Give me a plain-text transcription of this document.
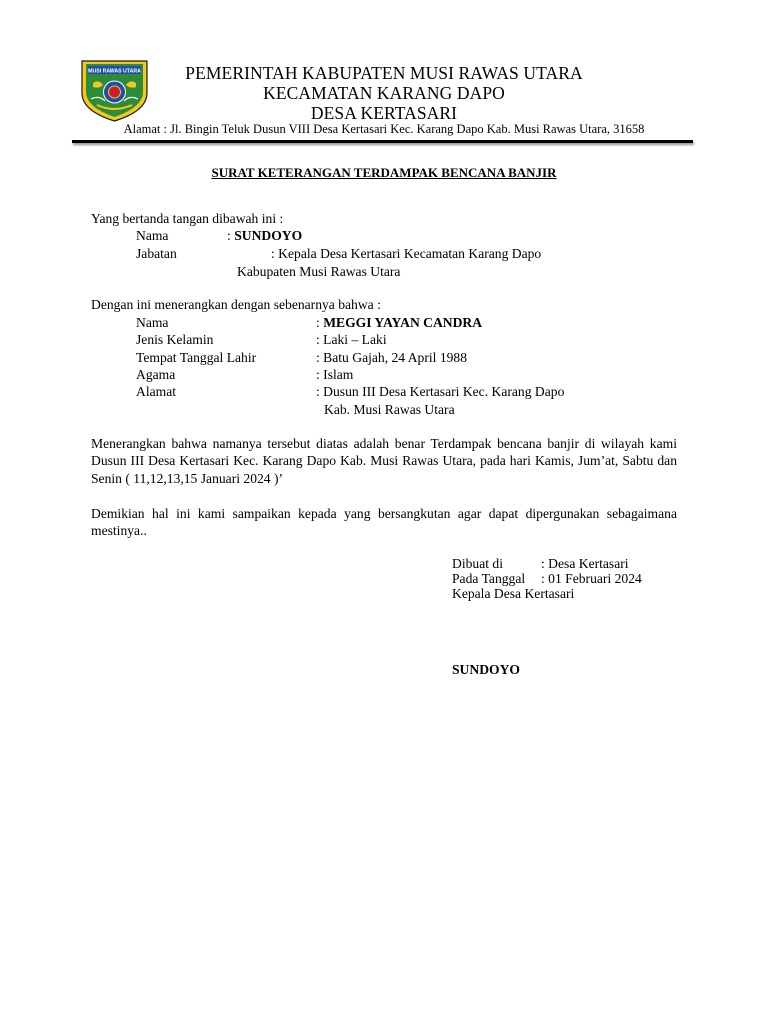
MUSI RAWAS UTARA	PEMERINTAH KABUPATEN MUSI RAWAS UTARA
KECAMATAN KARANG DAPO
DESA KERTASARI
Alamat : Jl. Bingin Teluk Dusun VIII Desa Kertasari Kec. Karang Dapo Kab. Musi Rawas Utara, 31658
SURAT KETERANGAN TERDAMPAK BENCANA BANJIR
Yang bertanda tangan dibawah ini :
Nama	: SUNDOYO
Jabatan	: Kepala Desa Kertasari Kecamatan Karang Dapo
Kabupaten Musi Rawas Utara
Dengan ini menerangkan dengan sebenarnya bahwa :
Nama	: MEGGI YAYAN CANDRA
Jenis Kelamin	: Laki – Laki
Tempat Tanggal Lahir	: Batu Gajah, 24 April 1988
Agama	: Islam
Alamat	: Dusun III Desa Kertasari Kec. Karang Dapo
Kab. Musi Rawas Utara
Menerangkan bahwa namanya tersebut diatas adalah benar Terdampak bencana banjir di wilayah kami Dusun III Desa Kertasari Kec. Karang Dapo Kab. Musi Rawas Utara, pada hari Kamis, Jum’at, Sabtu dan Senin ( 11,12,13,15 Januari 2024 )’
Demikian hal ini kami sampaikan kepada yang bersangkutan agar dapat dipergunakan sebagaimana mestinya..
Dibuat di	: Desa Kertasari
Pada Tanggal : 01 Februari 2024
Kepala Desa Kertasari
SUNDOYO
